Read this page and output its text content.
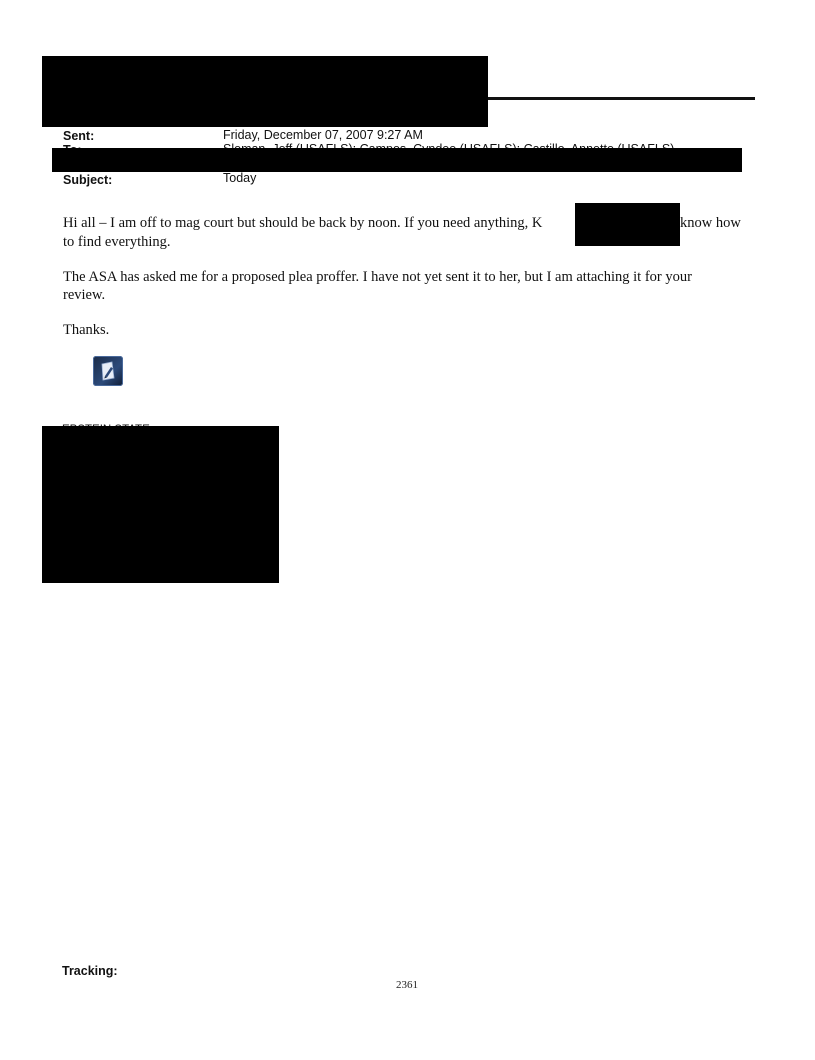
Sent:	Friday, December 07, 2007 9:27 AM
Subject:	Today
Hi all – I am off to mag court but should be back by noon. If you need anything, K	know how
to find everything.
The ASA has asked me for a proposed plea proffer. I have not yet sent it to her, but I am attaching it for your
review.
Thanks.

Tracking:
2361
